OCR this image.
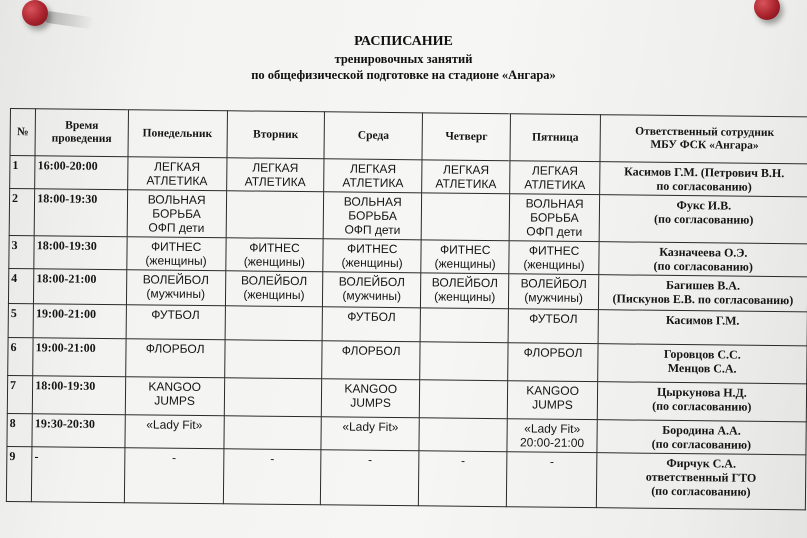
РАСПИСАНИЕ
тренировочных занятий
по общефизической подготовке на стадионе «Ангара»
№	Время
проведения	Понедельник	Вторник	Среда	Четверг	Пятница	Ответственный сотрудник
МБУ ФСК «Ангара»

1	16:00-20:00	ЛЕГКАЯ
АТЛЕТИКА	ЛЕГКАЯ
АТЛЕТИКА	ЛЕГКАЯ
АТЛЕТИКА	ЛЕГКАЯ
АТЛЕТИКА	ЛЕГКАЯ
АТЛЕТИКА	Касимов Г.М. (Петрович В.Н.
по согласованию)

2	18:00-19:30	ВОЛЬНАЯ
БОРЬБА
ОФП дети		ВОЛЬНАЯ
БОРЬБА
ОФП дети		ВОЛЬНАЯ
БОРЬБА
ОФП дети	Фукс И.В.
(по согласованию)

3	18:00-19:30	ФИТНЕС
(женщины)	ФИТНЕС
(женщины)	ФИТНЕС
(женщины)	ФИТНЕС
(женщины)	ФИТНЕС
(женщины)	Казначеева О.Э.
(по согласованию)

4	18:00-21:00	ВОЛЕЙБОЛ
(мужчины)	ВОЛЕЙБОЛ
(женщины)	ВОЛЕЙБОЛ
(мужчины)	ВОЛЕЙБОЛ
(женщины)	ВОЛЕЙБОЛ
(мужчины)	Багишев В.А.
(Пискунов Е.В. по согласованию)

5	19:00-21:00	ФУТБОЛ		ФУТБОЛ		ФУТБОЛ	Касимов Г.М.

6	19:00-21:00	ФЛОРБОЛ		ФЛОРБОЛ		ФЛОРБОЛ	Горовцов С.С.
Менцов С.А.

7	18:00-19:30	KANGOO
JUMPS		KANGOO
JUMPS		KANGOO
JUMPS	Цыркунова Н.Д.
(по согласованию)

8	19:30-20:30	«Lady Fit»		«Lady Fit»		«Lady Fit»
20:00-21:00	Бородина А.А.
(по согласованию)

9	-	-	-	-	-	-	Фирчук С.А.
ответственный ГТО
(по согласованию)
